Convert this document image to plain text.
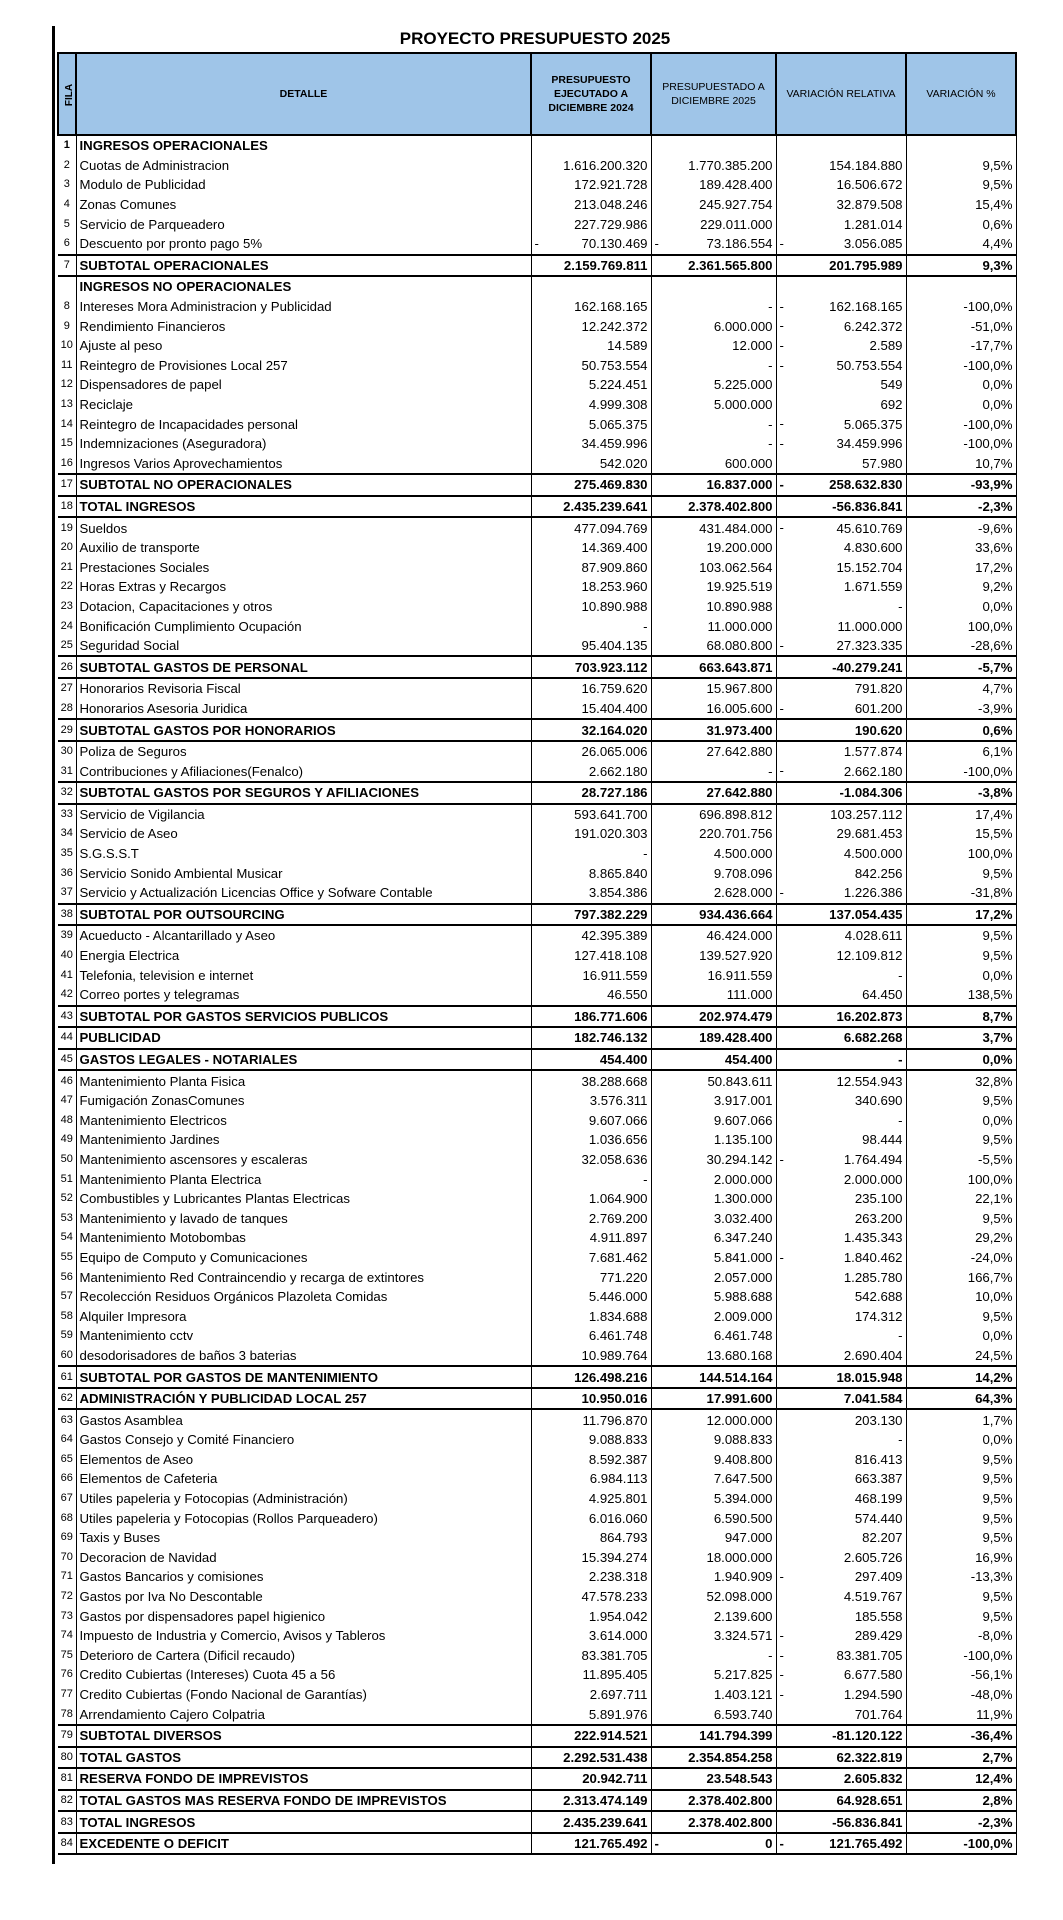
PROYECTO PRESUPUESTO 2025
FILA	DETALLE	PRESUPUESTO EJECUTADO A DICIEMBRE 2024	PRESUPUESTADO A DICIEMBRE 2025	VARIACIÓN RELATIVA	VARIACIÓN %
1	INGRESOS OPERACIONALES				
2	Cuotas de Administracion	1.616.200.320	1.770.385.200	154.184.880	9,5%
3	Modulo de Publicidad	172.921.728	189.428.400	16.506.672	9,5%
4	Zonas Comunes	213.048.246	245.927.754	32.879.508	15,4%
5	Servicio de Parqueadero	227.729.986	229.011.000	1.281.014	0,6%
6	Descuento por pronto pago 5%	- 70.130.469	- 73.186.554	- 3.056.085	4,4%
7	SUBTOTAL OPERACIONALES	2.159.769.811	2.361.565.800	201.795.989	9,3%
	INGRESOS NO OPERACIONALES				
8	Intereses Mora Administracion y Publicidad	162.168.165	-	- 162.168.165	-100,0%
9	Rendimiento Financieros	12.242.372	6.000.000	- 6.242.372	-51,0%
10	Ajuste al peso	14.589	12.000	- 2.589	-17,7%
11	Reintegro de Provisiones Local 257	50.753.554	-	- 50.753.554	-100,0%
12	Dispensadores de papel	5.224.451	5.225.000	549	0,0%
13	Reciclaje	4.999.308	5.000.000	692	0,0%
14	Reintegro de Incapacidades personal	5.065.375	-	- 5.065.375	-100,0%
15	Indemnizaciones (Aseguradora)	34.459.996	-	- 34.459.996	-100,0%
16	Ingresos Varios Aprovechamientos	542.020	600.000	57.980	10,7%
17	SUBTOTAL NO OPERACIONALES	275.469.830	16.837.000	- 258.632.830	-93,9%
18	TOTAL INGRESOS	2.435.239.641	2.378.402.800	-56.836.841	-2,3%
19	Sueldos	477.094.769	431.484.000	- 45.610.769	-9,6%
20	Auxilio de transporte	14.369.400	19.200.000	4.830.600	33,6%
21	Prestaciones Sociales	87.909.860	103.062.564	15.152.704	17,2%
22	Horas Extras y Recargos	18.253.960	19.925.519	1.671.559	9,2%
23	Dotacion, Capacitaciones y otros	10.890.988	10.890.988	-	0,0%
24	Bonificación Cumplimiento Ocupación	-	11.000.000	11.000.000	100,0%
25	Seguridad Social	95.404.135	68.080.800	- 27.323.335	-28,6%
26	SUBTOTAL GASTOS DE PERSONAL	703.923.112	663.643.871	-40.279.241	-5,7%
27	Honorarios Revisoria Fiscal	16.759.620	15.967.800	791.820	4,7%
28	Honorarios Asesoria Juridica	15.404.400	16.005.600	- 601.200	-3,9%
29	SUBTOTAL GASTOS POR HONORARIOS	32.164.020	31.973.400	190.620	0,6%
30	Poliza de Seguros	26.065.006	27.642.880	1.577.874	6,1%
31	Contribuciones y Afiliaciones(Fenalco)	2.662.180	-	- 2.662.180	-100,0%
32	SUBTOTAL GASTOS POR SEGUROS Y AFILIACIONES	28.727.186	27.642.880	-1.084.306	-3,8%
33	Servicio de Vigilancia	593.641.700	696.898.812	103.257.112	17,4%
34	Servicio de Aseo	191.020.303	220.701.756	29.681.453	15,5%
35	S.G.S.S.T	-	4.500.000	4.500.000	100,0%
36	Servicio Sonido Ambiental Musicar	8.865.840	9.708.096	842.256	9,5%
37	Servicio y Actualización Licencias Office y Sofware Contable	3.854.386	2.628.000	- 1.226.386	-31,8%
38	SUBTOTAL POR OUTSOURCING	797.382.229	934.436.664	137.054.435	17,2%
39	Acueducto - Alcantarillado y Aseo	42.395.389	46.424.000	4.028.611	9,5%
40	Energia Electrica	127.418.108	139.527.920	12.109.812	9,5%
41	Telefonia, television e internet	16.911.559	16.911.559	-	0,0%
42	Correo portes y telegramas	46.550	111.000	64.450	138,5%
43	SUBTOTAL POR GASTOS SERVICIOS PUBLICOS	186.771.606	202.974.479	16.202.873	8,7%
44	PUBLICIDAD	182.746.132	189.428.400	6.682.268	3,7%
45	GASTOS LEGALES - NOTARIALES	454.400	454.400	-	0,0%
46	Mantenimiento Planta Fisica	38.288.668	50.843.611	12.554.943	32,8%
47	Fumigación ZonasComunes	3.576.311	3.917.001	340.690	9,5%
48	Mantenimiento Electricos	9.607.066	9.607.066	-	0,0%
49	Mantenimiento Jardines	1.036.656	1.135.100	98.444	9,5%
50	Mantenimiento ascensores y escaleras	32.058.636	30.294.142	- 1.764.494	-5,5%
51	Mantenimiento Planta Electrica	-	2.000.000	2.000.000	100,0%
52	Combustibles y Lubricantes Plantas Electricas	1.064.900	1.300.000	235.100	22,1%
53	Mantenimiento y lavado de tanques	2.769.200	3.032.400	263.200	9,5%
54	Mantenimiento Motobombas	4.911.897	6.347.240	1.435.343	29,2%
55	Equipo de Computo y Comunicaciones	7.681.462	5.841.000	- 1.840.462	-24,0%
56	Mantenimiento Red Contraincendio y recarga de extintores	771.220	2.057.000	1.285.780	166,7%
57	Recolección Residuos Orgánicos Plazoleta Comidas	5.446.000	5.988.688	542.688	10,0%
58	Alquiler Impresora	1.834.688	2.009.000	174.312	9,5%
59	Mantenimiento cctv	6.461.748	6.461.748	-	0,0%
60	desodorisadores de baños 3 baterias	10.989.764	13.680.168	2.690.404	24,5%
61	SUBTOTAL POR GASTOS DE MANTENIMIENTO	126.498.216	144.514.164	18.015.948	14,2%
62	ADMINISTRACIÓN Y PUBLICIDAD LOCAL 257	10.950.016	17.991.600	7.041.584	64,3%
63	Gastos Asamblea	11.796.870	12.000.000	203.130	1,7%
64	Gastos Consejo y Comité Financiero	9.088.833	9.088.833	-	0,0%
65	Elementos de Aseo	8.592.387	9.408.800	816.413	9,5%
66	Elementos de Cafeteria	6.984.113	7.647.500	663.387	9,5%
67	Utiles papeleria y Fotocopias (Administración)	4.925.801	5.394.000	468.199	9,5%
68	Utiles papeleria y Fotocopias (Rollos Parqueadero)	6.016.060	6.590.500	574.440	9,5%
69	Taxis y Buses	864.793	947.000	82.207	9,5%
70	Decoracion de Navidad	15.394.274	18.000.000	2.605.726	16,9%
71	Gastos Bancarios y comisiones	2.238.318	1.940.909	- 297.409	-13,3%
72	Gastos por Iva No Descontable	47.578.233	52.098.000	4.519.767	9,5%
73	Gastos por dispensadores papel higienico	1.954.042	2.139.600	185.558	9,5%
74	Impuesto de Industria y Comercio, Avisos y Tableros	3.614.000	3.324.571	- 289.429	-8,0%
75	Deterioro de Cartera (Dificil recaudo)	83.381.705	-	- 83.381.705	-100,0%
76	Credito Cubiertas (Intereses) Cuota 45 a 56	11.895.405	5.217.825	- 6.677.580	-56,1%
77	Credito Cubiertas (Fondo Nacional de Garantías)	2.697.711	1.403.121	- 1.294.590	-48,0%
78	Arrendamiento Cajero Colpatria	5.891.976	6.593.740	701.764	11,9%
79	SUBTOTAL DIVERSOS	222.914.521	141.794.399	-81.120.122	-36,4%
80	TOTAL GASTOS	2.292.531.438	2.354.854.258	62.322.819	2,7%
81	RESERVA FONDO DE IMPREVISTOS	20.942.711	23.548.543	2.605.832	12,4%
82	TOTAL GASTOS MAS RESERVA FONDO DE IMPREVISTOS	2.313.474.149	2.378.402.800	64.928.651	2,8%
83	TOTAL INGRESOS	2.435.239.641	2.378.402.800	-56.836.841	-2,3%
84	EXCEDENTE O DEFICIT	121.765.492	- 0	- 121.765.492	-100,0%
